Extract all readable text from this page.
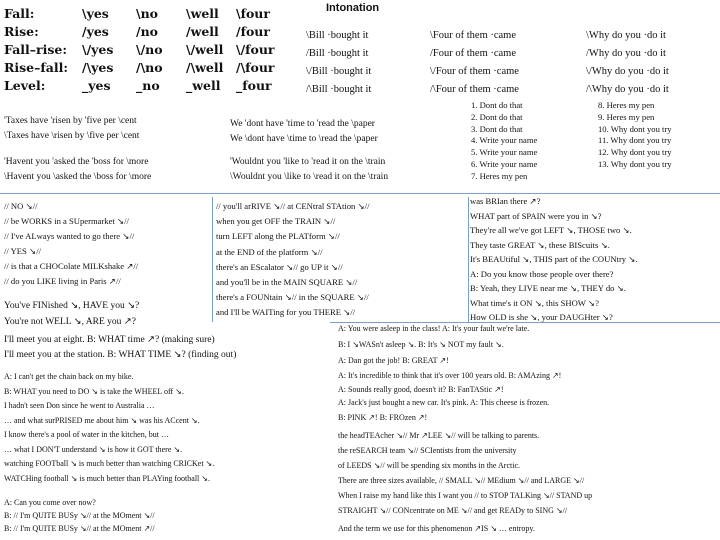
Intonation
Fall:	\yes \no \well \four
Rise:	/yes /no /well /four
Fall–rise: \/yes \/no \/well \/four
Rise–fall: /\yes /\no /\well /\four
Level:	_yes _no _well _four
\Bill ·bought it	\Four of them ·came	\Why do you ·do it
/Bill ·bought it	/Four of them ·came	/Why do you ·do it
\/Bill ·bought it	\/Four of them ·came	\/Why do you ·do it
/\Bill ·bought it	/\Four of them ·came	/\Why do you ·do it
1. Dont do that
2. Dont do that
3. Dont do that
4. Write your name
5. Write your name
6. Write your name
7. Heres my pen
8. Heres my pen
9. Heres my pen
10. Why dont you try
11. Why dont you try
12. Why dont you try
13. Why dont you try
'Taxes have 'risen by 'five per \cent
\Taxes have \risen by \five per \cent
We 'dont have 'time to 'read the \paper
We \dont have \time to \read the \paper
'Havent you 'asked the 'boss for \more
\Havent you \asked the \boss for \more
'Wouldnt you 'like to 'read it on the \train
\Wouldnt you \like to \read it on the \train
// NO ↘//
// be WORKS in a SUpermarket ↘//
// I've ALways wanted to go there ↘//
// YES ↘//
// is that a CHOColate MILKshake ↗//
// do you LIKE living in Paris ↗//
// you'll arRIVE ↘// at CENtral STAtion ↘//
when you get OFF the TRAIN ↘//
turn LEFT along the PLATform ↘//
at the END of the platform ↘//
there's an EScalator ↘// go UP it ↘//
and you'll be in the MAIN SQUARE ↘//
there's a FOUNtain ↘// in the SQUARE ↘//
and I'll be WAITing for you THERE ↘//
was BRIan there ↗?
WHAT part of SPAIN were you in ↘?
They're all we've got LEFT ↘, THOSE two ↘.
They taste GREAT ↘, these BIScuits ↘.
It's BEAUtiful ↘, THIS part of the COUNtry ↘.
A: Do you know those people over there?
B: Yeah, they LIVE near me ↘, THEY do ↘.
What time's it ON ↘, this SHOW ↘?
How OLD is she ↘, your DAUGHter ↘?
You've FINished ↘, HAVE you ↘?
You're not WELL ↘, ARE you ↗?
I'll meet you at eight. B: WHAT time ↗? (making sure)
I'll meet you at the station. B: WHAT TIME ↘? (finding out)
A: I can't get the chain back on my bike.
B: WHAT you need to DO ↘ is take the WHEEL off ↘.
I hadn't seen Don since he went to Australia …
… and what surPRISED me about him ↘ was his ACcent ↘.
I know there's a pool of water in the kitchen, but …
… what I DON'T understand ↘ is how it GOT there ↘.
watching FOOTball ↘ is much better than watching CRICKet ↘.
WATCHing football ↘ is much better than PLAYing football ↘.
A: Can you come over now?
B: // I'm QUITE BUSy ↘// at the MOment ↘//
B: // I'm QUITE BUSy ↘// at the MOment ↗//
A: You were asleep in the class! A: It's your fault we're late.
B: I ↘WASn't asleep ↘. B: It's ↘ NOT my fault ↘.
A: Dan got the job! B: GREAT ↗!
A: It's incredible to think that it's over 100 years old. B: AMAzing ↗!
A: Sounds really good, doesn't it? B: FanTAStic ↗!
A: Jack's just bought a new car. It's pink. A: This cheese is frozen.
B: PINK ↗! B: FROzen ↗!
the headTEAcher ↘// Mr ↗LEE ↘// will be talking to parents.
the reSEARCH team ↘// SCIentists from the university
of LEEDS ↘// will be spending six months in the Arctic.
There are three sizes available, // SMALL ↘// MEdium ↘// and LARGE ↘//
When I raise my hand like this I want you // to STOP TALKing ↘// STAND up
STRAIGHT ↘// CONcentrate on ME ↘// and get READy to SING ↘//
And the term we use for this phenomenon ↗IS ↘ … entropy.
